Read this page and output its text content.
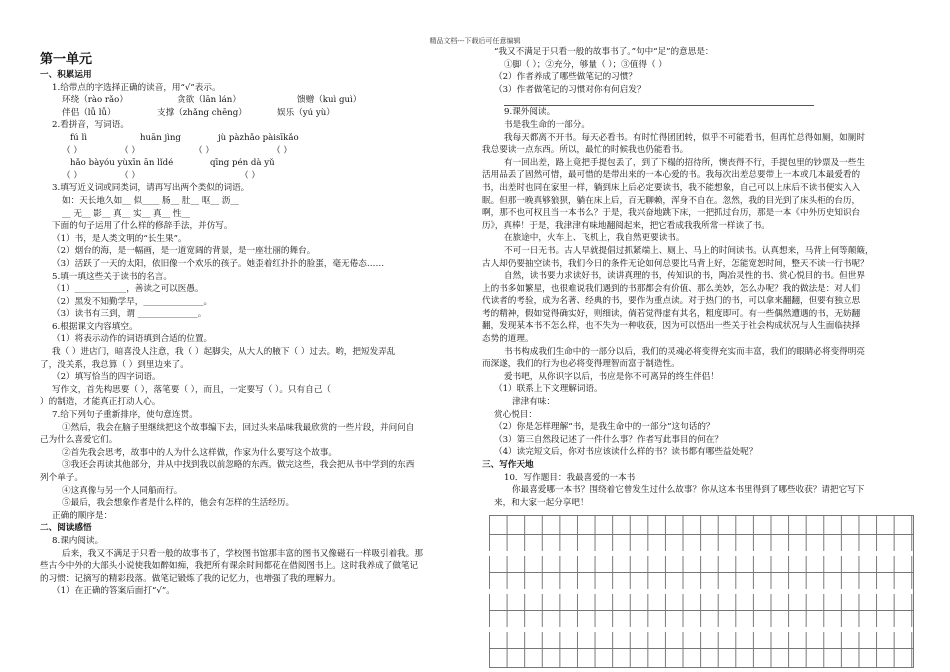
精品文档---下载后可任意编辑

第一单元

一、积累运用

1.给带点的字选择正确的读音，用“√”表示。

环绕（rào rǎo）	贪欲（lān lán）	馈赠（kuì guì）

伴侣（lǚ lǚ）	支撑（zhǎng chēng）	娱乐（yú yù）

2.看拼音，写词语。

fú lì	huān jìng	jù pàzhǎo pàisīkǎo

（ ）	（ ）	（ ）	（ ）

hǎo bàyóu yùxīn ān lǐdé	qīng pén dà yǔ

（ ）	（ ）	（ ）

3.填写近义词或同类词，请再写出两个类似的词语。

如：天长地久如__ 似____ 肠__ 肚__ 呕__ 沥__

__ 无__ 影__ 真__ 实__ 真__ 性__

下面的句子运用了什么样的修辞手法，并仿写。

（1）书，是人类文明的“长生果”。

（2）烟台的海，是一幅画，是一道宽阔的背景，是一座壮丽的舞台。

（3）活跃了一天的太阳，依旧像一个欢乐的孩子。她歪着红扑扑的脸蛋，毫无倦态……

5.填一填这些关于读书的名言。

（1）____________，善读之可以医愚。

（2）黑发不知勤学早，______________。

（3）读书有三到，谓 ______________。

6.根据课文内容填空。

（1）将表示动作的词语填到合适的位置。

我（ ）进店门，暗喜没人注意，我（ ）起脚尖，从大人的腋下（ ）过去。哟，把短发弄乱

了，没关系，我总算（ ）到里边来了。

（2）填写恰当的四字词语。

写作文，首先构思要（ ），落笔要（ ），而且，一定要写（ ）。只有自己（

）的制造，才能真正打动人心。

7.给下列句子重新排序，使句意连贯。

①然后，我会在脑子里继续把这个故事编下去，回过头来品味我最欣赏的一些片段，并问问自

己为什么喜爱它们。

②首先我会思考，故事中的人为什么这样做，作家为什么要写这个故事。

③我还会再读其他部分，并从中找到我以前忽略的东西。做完这些，我会把从书中学到的东西

列个单子。

④这真像与另一个人同船而行。

⑤最后，我会想象作者是什么样的，他会有怎样的生活经历。

正确的顺序是：

二、阅读感悟

8.课内阅读。

后来，我又不满足于只看一般的故事书了，学校图书馆那丰富的图书又像磁石一样吸引着我。那

些古今中外的大部头小说使我如醉如痴，我把所有课余时间都花在借阅图书上。这时我养成了做笔记

的习惯：记摘写的精彩段落。做笔记锻炼了我的记忆力，也增强了我的理解力。

（1）在正确的答案后面打“√”。

“我又不满足于只看一般的故事书了。”句中“足”的意思是：

①脚（ ）；②充分，够量（ ）；③值得（ ）

（2）作者养成了哪些做笔记的习惯？

（3）作者做笔记的习惯对你有何启发？

9.课外阅读。

书是我生命的一部分。

我每天都离不开书。每天必看书。有时忙得团团转，似乎不可能看书，但再忙总得如厕，如厕时

我总要读一点东西。所以，最忙的时候我也仍能看书。

有一回出差，路上竟把手提包丢了，到了下榻的招待所，懊丧得不行，手提包里的钞票及一些生

活用品丢了固然可惜，最可惜的是带出来的一本心爱的书。我每次出差总要带上一本或几本最爱看的

书，出差时也同在家里一样，躺到床上后必定要读书，我不能想象，自己可以上床后不读书便实入入

眠。但那一晚真够狼狈，躺在床上后，百无聊赖，浑身不自在。忽然，我的目光到了床头柜的台历，

啊，那不也可权且当一本书么？于是，我兴奋地跳下床，一把抓过台历，那是一本《中外历史知识台

历》，真棒！于是，我津津有味地翻阅起来，把它看成我我所常一样读了书。

在旅途中，火车上、飞机上，我自然更要读书。

不可一日无书。古人早就提倡过抓紧端上、厕上、马上的时间读书。认真想来，马背上何等颠簸，

古人却仍要抽空读书，我们今日的条件无论如何总要比马背上好，怎能宽恕时间，整天不读一行书呢？

自然，读书要力求读好书，读讲真理的书，传知识的书，陶冶灵性的书、赏心悦目的书。但世界

上的书多如繁星，也很难说我们遇到的书那都会有价值、那么美妙，怎么办呢？我的做法是：对人们

代读者的考验，成为名著、经典的书，要作为重点读。对于热门的书，可以拿来翻翻，但要有独立思

考的精神，假如觉得确实好，则细读，倘若觉得虚有其名，粗度即可。有一些偶然遭遇的书，无妨翻

翻，发现某本书不怎么样，也不失为一种收获，因为可以悟出一些关于社会构成状况与人生面临抉择

态势的道理。

书书构成我们生命中的一部分以后，我们的灵魂必将变得充实而丰富，我们的眼睛必将变得明亮

而深遂，我们的行为也必将变得理智而富于制造性。

爱书吧，从你识字以后，书应是你不可离异的终生伴侣！

（1）联系上下文理解词语。

津津有味：

赏心悦目：

（2）你是怎样理解“书，是我生命中的一部分”这句话的？

（3）第三自然段记述了一件什么事？作者写此事目的何在？

（4）读完短文后，你对书应该读什么样的书？读书都有哪些益处呢？

三、写作天地

10．写作题目：我最喜爱的一本书

你最喜爱哪一本书？围绕着它曾发生过什么故事？你从这本书里得到了哪些收获？请把它写下

来，和大家一起分享吧！
